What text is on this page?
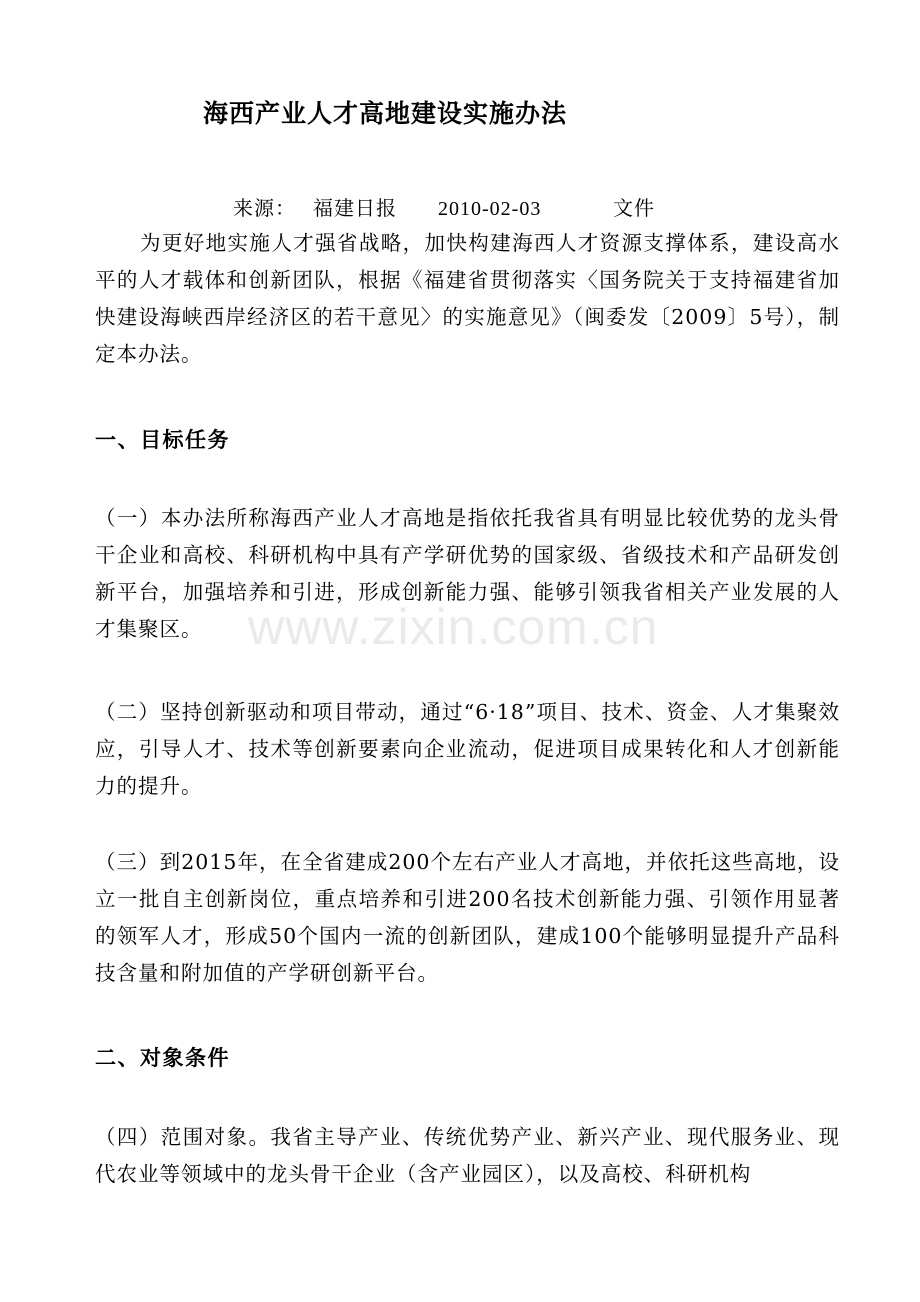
海西产业人才高地建设实施办法
来源： 福建日报 2010-02-03	文件
为更好地实施人才强省战略，加快构建海西人才资源支撑体系，建设高水平的人才载体和创新团队，根据《福建省贯彻落实〈国务院关于支持福建省加快建设海峡西岸经济区的若干意见〉的实施意见》（闽委发〔2009〕5号），制定本办法。
一、目标任务
（一）本办法所称海西产业人才高地是指依托我省具有明显比较优势的龙头骨干企业和高校、科研机构中具有产学研优势的国家级、省级技术和产品研发创新平台，加强培养和引进，形成创新能力强、能够引领我省相关产业发展的人才集聚区。
（二）坚持创新驱动和项目带动，通过“6·18”项目、技术、资金、人才集聚效应，引导人才、技术等创新要素向企业流动，促进项目成果转化和人才创新能力的提升。
（三）到2015年，在全省建成200个左右产业人才高地，并依托这些高地，设立一批自主创新岗位，重点培养和引进200名技术创新能力强、引领作用显著的领军人才，形成50个国内一流的创新团队，建成100个能够明显提升产品科技含量和附加值的产学研创新平台。
二、对象条件
（四）范围对象。我省主导产业、传统优势产业、新兴产业、现代服务业、现代农业等领域中的龙头骨干企业（含产业园区），以及高校、科研机构
www.zixin.com.cn
